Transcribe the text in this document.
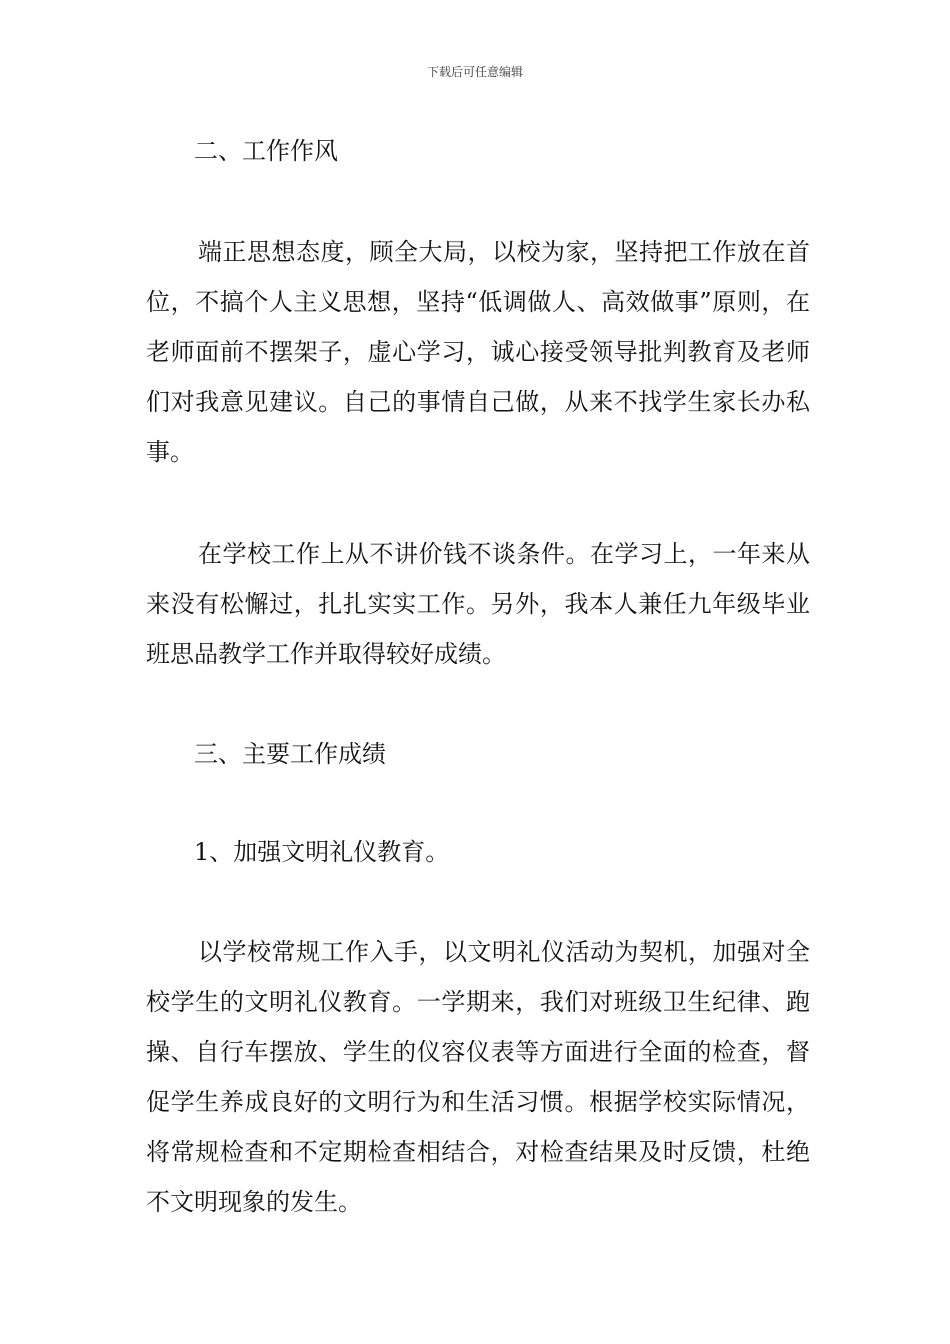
下载后可任意编辑

二、工作作风

端正思想态度，顾全大局，以校为家，坚持把工作放在首位，不搞个人主义思想，坚持“低调做人、高效做事”原则，在老师面前不摆架子，虚心学习，诚心接受领导批判教育及老师们对我意见建议。自己的事情自己做，从来不找学生家长办私事。

在学校工作上从不讲价钱不谈条件。在学习上，一年来从来没有松懈过，扎扎实实工作。另外，我本人兼任九年级毕业班思品教学工作并取得较好成绩。

三、主要工作成绩

1、加强文明礼仪教育。

以学校常规工作入手，以文明礼仪活动为契机，加强对全校学生的文明礼仪教育。一学期来，我们对班级卫生纪律、跑操、自行车摆放、学生的仪容仪表等方面进行全面的检查，督促学生养成良好的文明行为和生活习惯。根据学校实际情况，将常规检查和不定期检查相结合，对检查结果及时反馈，杜绝不文明现象的发生。
